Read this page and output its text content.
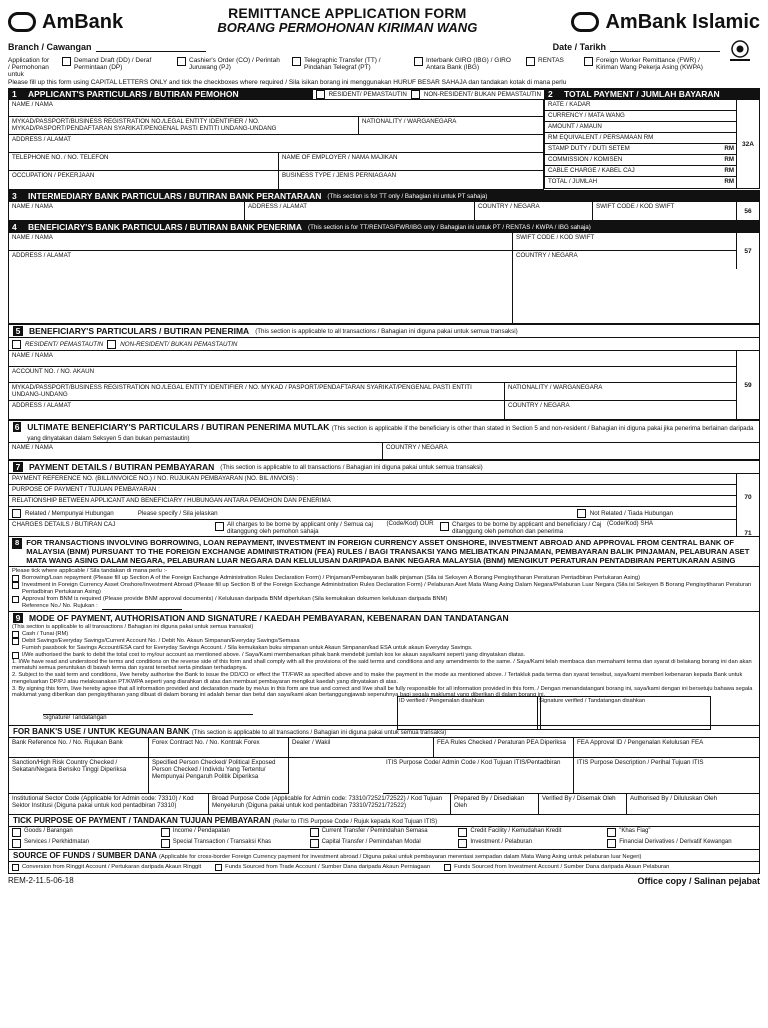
AmBank	REMITTANCE APPLICATION FORM
BORANG PERMOHONAN KIRIMAN WANG	AmBank Islamic
Branch / Cawangan	Date / Tarikh
Application for / Permohonan untuk
Demand Draft (DD) / Deraf Permintaan (DP)
Cashier's Order (CO) / Perintah Juruwang (PJ)
Telegraphic Transfer (TT) / Pindahan Telegraf (PT)
Interbank GIRO (IBG) / GIRO Antara Bank (IBG)
RENTAS	Foreign Worker Remittance (FWR) / Kiriman Wang Pekerja Asing (KWPA)
Please fill up this form using CAPITAL LETTERS ONLY and tick the checkboxes where required / Sila isikan borang ini menggunakan HURUF BESAR SAHAJA dan tandakan kotak di mana perlu
1	APPLICANT'S PARTICULARS / BUTIRAN PEMOHON	RESIDENT/ PEMASTAUTIN	NON-RESIDENT/ BUKAN PEMASTAUTIN
NAME / NAMA
MYKAD/PASSPORT/BUSINESS REGISTRATION NO./LEGAL ENTITY IDENTIFIER / NO. MYKAD/PASPORT/PENDAFTARAN SYARIKAT/PENGENAL PASTI ENTITI UNDANG-UNDANG
NATIONALITY / WARGANEGARA
ADDRESS / ALAMAT
TELEPHONE NO. / NO. TELEFON	NAME OF EMPLOYER / NAMA MAJIKAN
OCCUPATION / PEKERJAAN	BUSINESS TYPE / JENIS PERNIAGAAN
2	TOTAL PAYMENT / JUMLAH BAYARAN
RATE / KADAR
CURRENCY / MATA WANG
AMOUNT / AMAUN
RM EQUIVALENT / PERSAMAAN RM
STAMP DUTY / DUTI SETEM	RM
COMMISSION / KOMISEN	RM
CABLE CHARGE / KABEL CAJ	RM
TOTAL / JUMLAH	RM
32A
3	INTERMEDIARY BANK PARTICULARS / BUTIRAN BANK PERANTARAAN (This section is for TT only / Bahagian ini untuk PT sahaja)
NAME / NAMA	ADDRESS / ALAMAT	COUNTRY / NEGARA	SWIFT CODE / KOD SWIFT
56
4	BENEFICIARY'S BANK PARTICULARS / BUTIRAN BANK PENERIMA (This section is for TT/RENTAS/FWR/IBG only / Bahagian ini untuk PT / RENTAS / KWPA / IBG sahaja)
NAME / NAMA	SWIFT CODE / KOD SWIFT
ADDRESS / ALAMAT	COUNTRY / NEGARA
57
5	BENEFICIARY'S PARTICULARS / BUTIRAN PENERIMA (This section is applicable to all transactions / Bahagian ini diguna pakai untuk semua transaksi)
RESIDENT/ PEMASTAUTIN	NON-RESIDENT/ BUKAN PEMASTAUTIN
NAME / NAMA
ACCOUNT NO. / NO. AKAUN
MYKAD/PASSPORT/BUSINESS REGISTRATION NO./LEGAL ENTITY IDENTIFIER / NO. MYKAD / PASPORT/PENDAFTARAN SYARIKAT/PENGENAL PASTI ENTITI UNDANG-UNDANG
NATIONALITY / WARGANEGARA
ADDRESS / ALAMAT	COUNTRY / NEGARA
59
6 ULTIMATE BENEFICIARY'S PARTICULARS / BUTIRAN PENERIMA MUTLAK (This section is applicable if the beneficiary is other than stated in Section 5 and non-resident / Bahagian ini diguna pakai jika penerima berlainan daripada yang dinyatakan dalam Seksyen 5 dan bukan pemastautin)
NAME / NAMA	COUNTRY / NEGARA
7	PAYMENT DETAILS / BUTIRAN PEMBAYARAN (This section is applicable to all transactions / Bahagian ini diguna pakai untuk semua transaksi)
PAYMENT REFERENCE NO. (BILL/INVOICE NO.) / NO. RUJUKAN PEMBAYARAN (NO. BIL /INVOIS) :
PURPOSE OF PAYMENT / TUJUAN PEMBAYARAN :
RELATIONSHIP BETWEEN APPLICANT AND BENEFICIARY / HUBUNGAN ANTARA PEMOHON DAN PENERIMA
Related / Mempunyai Hubungan	Please specify / Sila jelaskan	Not Related / Tiada Hubungan
CHARGES DETAILS / BUTIRAN CAJ	All charges to be borne by applicant only / Semua caj ditanggung oleh pemohon sahaja
(Code/Kod) OUR	Charges to be borne by applicant and beneficiary / Caj ditanggung oleh pemohon dan penerima
(Code/Kod) SHA
70
71
8 FOR TRANSACTIONS INVOLVING BORROWING, LOAN REPAYMENT, INVESTMENT IN FOREIGN CURRENCY ASSET ONSHORE, INVESTMENT ABROAD AND APPROVAL FROM CENTRAL BANK OF MALAYSIA (BNM) PURSUANT TO THE FOREIGN EXCHANGE ADMINISTRATION (FEA) RULES / BAGI TRANSAKSI YANG MELIBATKAN PINJAMAN, PEMBAYARAN BALIK PINJAMAN, PELABURAN ASET MATA WANG ASING DALAM NEGARA, PELABURAN LUAR NEGARA DAN KELULUSAN DARIPADA BANK NEGARA MALAYSIA (BNM) MENGIKUT PERATURAN PENTADBIRAN PERTUKARAN ASING
Please tick where applicable / Sila tandakan di mana perlu :-
Borrowing/Loan repayment (Please fill up Section A of the Foreign Exchange Administration Rules Declaration Form) / Pinjaman/Pembayaran balik pinjaman (Sila isi Seksyen A Borang Pengisytiharan Peraturan Pentadbiran Pertukaran Asing)
Investment in Foreign Currency Asset Onshore/Investment Abroad (Please fill up Section B of the Foreign Exchange Administration Rules Declaration Form) / Pelaburan Aset Mata Wang Asing Dalam Negara/Pelaburan Luar Negara (Sila isi Seksyen B Borang Pengisytiharan Peraturan Pentadbiran Pertukaran Asing)
Approval from BNM is required (Please provide BNM approval documents) / Kelulusan daripada BNM diperlukan (Sila kemukakan dokumen kelulusan daripada BNM)
Reference No./ No. Rujukan :
9	MODE OF PAYMENT, AUTHORISATION AND SIGNATURE / KAEDAH PEMBAYARAN, KEBENARAN DAN TANDATANGAN
(This section is applicable to all transactions / Bahagian ini diguna pakai untuk semua transaksi)
Cash / Tunai (RM)
Debit Savings/Everyday Savings/Current Account No. / Debit No. Akaun Simpanan/Everyday Savings/Semasa
Furnish passbook for Savings Account/ESA card for Everyday Savings Account. / Sila kemukakan buku simpanan untuk Akaun Simpanan/kad ESA untuk akaun Everyday Savings.
I/We authorised the bank to debit the total cost to my/our account as mentioned above. / Saya/Kami membenarkan pihak bank mendebit jumlah kos ke akaun saya/kami seperti yang dinyatakan diatas.
1. I/We have read and understood the terms and conditions on the reverse side of this form and shall comply with all the provisions of the said terms and conditions and any amendments to the same. / Saya/Kami telah membaca dan memahami terma dan syarat di belakang borang ini dan akan mematuhi semua peruntukan di bawah terma dan syarat tersebut serta pindaan terhadapnya.
2. Subject to the said term and conditions, I/we hereby authorise the Bank to issue the DD/CO or effect the TT/FWR as specified above and to make the payment in the mode as mentioned above. / Tertakluk pada terma dan syarat tersebut, saya/kami memberi kebenaran kepada Bank untuk mengeluarkan DP/PJ atau melaksanakan PT/KWPA seperti yang diarahkan di atas dan membuat pembayaran mengikut kaedah yang dinyatakan di atas.
3. By signing this form, I/we hereby agree that all information provided and declaration made by me/us in this form are true and correct and I/we shall be fully responsible for all information provided in this form. / Dengan menandatangani borang ini, saya/kami dengan ini bersetuju bahawa segala maklumat yang diberikan dan pengisytiharan yang dibuat di dalam borang ini adalah benar dan betul dan saya/kami akan bertanggungjawab sepenuhnya bagi segala maklumat yang diberikan di dalam borang ini.
ID verified / Pengenalan disahkan	Signature verified / Tandatangan disahkan
Signature/ Tandatangan
FOR BANK'S USE / UNTUK KEGUNAAN BANK (This section is applicable to all transactions / Bahagian ini diguna pakai untuk semua transaksi)
Bank Reference No. / No. Rujukan Bank	Forex Contract No. / No. Kontrak Forex	Dealer / Wakil	FEA Rules Checked / Peraturan PEA Diperiksa	FEA Approval ID / Pengenalan Kelulusan FEA
Sanction/High Risk Country Checked / Sekatan/Negara Berisiko Tinggi Diperiksa
Specified Person Checked/ Political Exposed Person Checked / Individu Yang Tertentu/ Mempunyai Pengaruh Politik Diperiksa
ITIS Purpose Code/ Admin Code / Kod Tujuan ITIS/Pentadbiran	ITIS Purpose Description / Perihal Tujuan ITIS
Institutional Sector Code (Applicable for Admin code: 73310) / Kod Sektor Institusi (Diguna pakai untuk kod pentadbiran 73310)
Broad Purpose Code (Applicable for Admin code: 73310/72521/72522) / Kod Tujuan Menyeluruh (Diguna pakai untuk kod pentadbiran 73310/72521/72522)
Prepared By / Disediakan Oleh
Verified By / Disemak Oleh	Authorised By / Diluluskan Oleh
TICK PURPOSE OF PAYMENT / TANDAKAN TUJUAN PEMBAYARAN (Refer to ITIS Purpose Code / Rujuk kepada Kod Tujuan ITIS)
Goods / Barangan	Income / Pendapatan	Current Transfer / Pemindahan Semasa	Credit Facility / Kemudahan Kredit	"Khas Flag"
Services / Perkhidmatan	Special Transaction / Transaksi Khas	Capital Transfer / Pemindahan Modal	Investment / Pelaburan	Financial Derivatives / Derivatif Kewangan
SOURCE OF FUNDS / SUMBER DANA (Applicable for cross-border Foreign Currency payment for investment abroad / Diguna pakai untuk pembayaran merentasi sempadan dalam Mata Wang Asing untuk pelaburan luar Negeri)
Conversion from Ringgit Account / Pertukaran daripada Akaun Ringgit	Funds Sourced from Trade Account / Sumber Dana daripada Akaun Perniagaan	Funds Sourced from Investment Account / Sumber Dana daripada Akaun Pelaburan
REM-2-11.5-06-18	Office copy / Salinan pejabat
